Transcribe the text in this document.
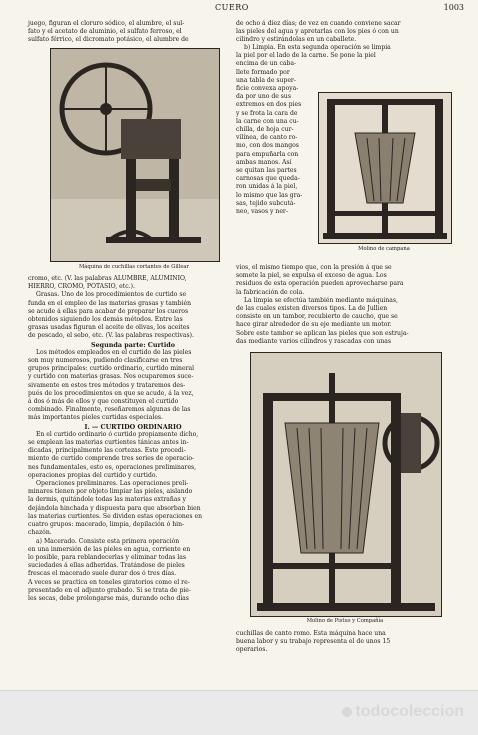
CUERO	1003

juego, figuran el cloruro sódico, el alumbre, el sul-

fato y el acetato de aluminio, el sulfato ferroso, el

sulfato férrico, el dicromato potásico, el alumbre de

Máquina de cuchillas cortantes de Gillear

cromo, etc. (V. las palabras ALUMBRE, ALUMINIO,

HIERRO, CROMO, POTASIO, etc.).

Grasas. Uno de los procedimientos de curtido se

funda en el empleo de las materias grasas y también

se acude á ellas para acabar de preparar los cueros

obtenidos siguiendo los demás métodos. Entre las

grasas usadas figuran el aceite de olivas, los aceites

de pescado, el sebo, etc. (V. las palabras respectivas).

Segunda parte: Curtido

Los métodos empleados en el curtido de las pieles

son muy numerosos, pudiendo clasificarse en tres

grupos principales: curtido ordinario, curtido mineral

y curtido con materias grasas. Nos ocuparemos suce-

sivamente en estos tres métodos y trataremos des-

pués de los procedimientos en que se acude, á la vez,

á dos ó más de ellos y que constituyen el curtido

combinado. Finalmente, reseñaremos algunas de las

más importantes pieles curtidas especiales.

I. — CURTIDO ORDINARIO

En el curtido ordinario ó curtido propiamente dicho,

se emplean las materias curtientes tánicas antes in-

dicadas, principalmente las cortezas. Este procedi-

miento de curtido comprende tres series de operacio-

nes fundamentales, esto es, operaciones preliminares,

operaciones propias del curtido y curtido.

Operaciones preliminares. Las operaciones preli-

minares tienen por objeto limpiar las pieles, aislando

la dermis, quitándole todas las materias extrañas y

dejándola hinchada y dispuesta para que absorban bien

las materias curtientes. Se dividen estas operaciones en

cuatro grupos: macerado, limpia, depilación ó hin-

chazón.

a) Macerado. Consiste esta primera operación

en una inmersión de las pieles en agua, corriente en

lo posible, para reblandecerlas y eliminar todas las

suciedades á ellas adheridas. Tratándose de pieles

frescas el macerado suele durar dos ó tres días.

A veces se practica en toneles giratorios como el re-

presentado en el adjunto grabado. Si se trata de pie-

les secas, debe prolongarse más, durando ocho días

de ocho á diez días; de vez en cuando conviene sacar

las pieles del agua y apretarlas con los pies ó con un

cilindro y estirándolas en un caballete.

b) Limpia. En esta segunda operación se limpia

la piel por el lado de la carne. Se pone la piel

encima de un caba-

llete formado por

una tabla de super-

ficie convexa apoya-

da por uno de sus

extremos en dos pies

y se frota la cara de

la carne con una cu-

chilla, de hoja cur-

vilínea, de canto ro-

mo, con dos mangos

para empuñarla con

ambas manos. Así

se quitan las partes

carnosas que queda-

ron unidas á la piel,

lo mismo que las gra-

sas, tejido subcutá-

neo, vasos y ner-

Molino de campana

vios, el mismo tiempo que, con la presión á que se

somete la piel, se expulsa el exceso de agua. Los

residuos de esta operación pueden aprovecharse para

la fabricación de cola.

La limpia se efectúa también mediante máquinas,

de las cuales existen diversos tipos. La de Jullien

consiste en un tambor, recubierto de caucho, que se

hace girar alrededor de su eje mediante un motor.

Sobre este tambor se aplican las pieles que son estruja-

das mediante varios cilindros y rascadas con unas

Molino de Pistus y Compañía

cuchillas de canto romo. Esta máquina hace una

buena labor y su trabajo representa el de unos 15

operarios.

todocoleccion
